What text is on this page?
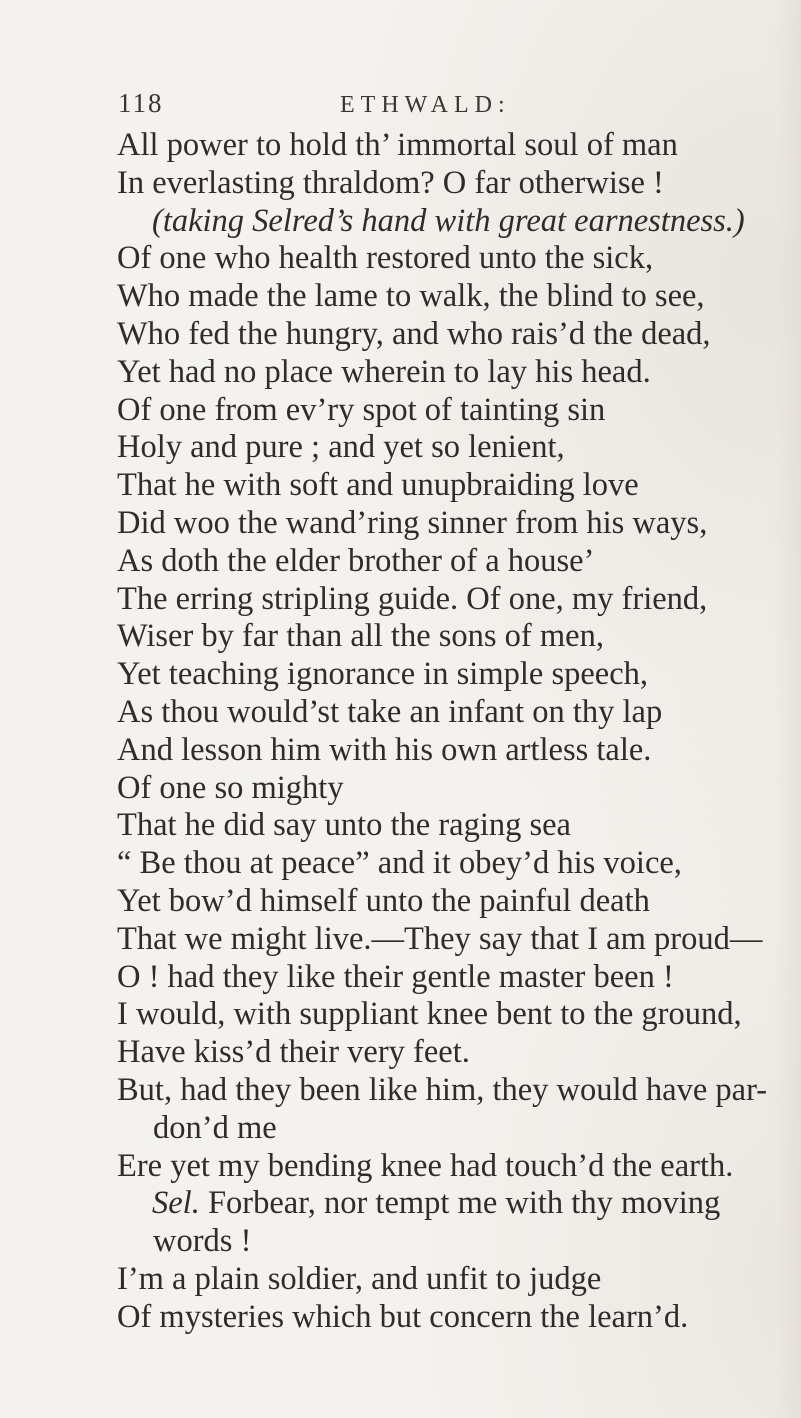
118	ETHWALD:
All power to hold th’ immortal soul of man
In everlasting thraldom? O far otherwise !
(taking Selred’s hand with great earnestness.)
Of one who health restored unto the sick,
Who made the lame to walk, the blind to see,
Who fed the hungry, and who rais’d the dead,
Yet had no place wherein to lay his head.
Of one from ev’ry spot of tainting sin
Holy and pure ; and yet so lenient,
That he with soft and unupbraiding love
Did woo the wand’ring sinner from his ways,
As doth the elder brother of a house’
The erring stripling guide. Of one, my friend,
Wiser by far than all the sons of men,
Yet teaching ignorance in simple speech,
As thou would’st take an infant on thy lap
And lesson him with his own artless tale.
Of one so mighty
That he did say unto the raging sea
“ Be thou at peace” and it obey’d his voice,
Yet bow’d himself unto the painful death
That we might live.—They say that I am proud—
O ! had they like their gentle master been !
I would, with suppliant knee bent to the ground,
Have kiss’d their very feet.
But, had they been like him, they would have par-
don’d me
Ere yet my bending knee had touch’d the earth.
Sel. Forbear, nor tempt me with thy moving
words !
I’m a plain soldier, and unfit to judge
Of mysteries which but concern the learn’d.
